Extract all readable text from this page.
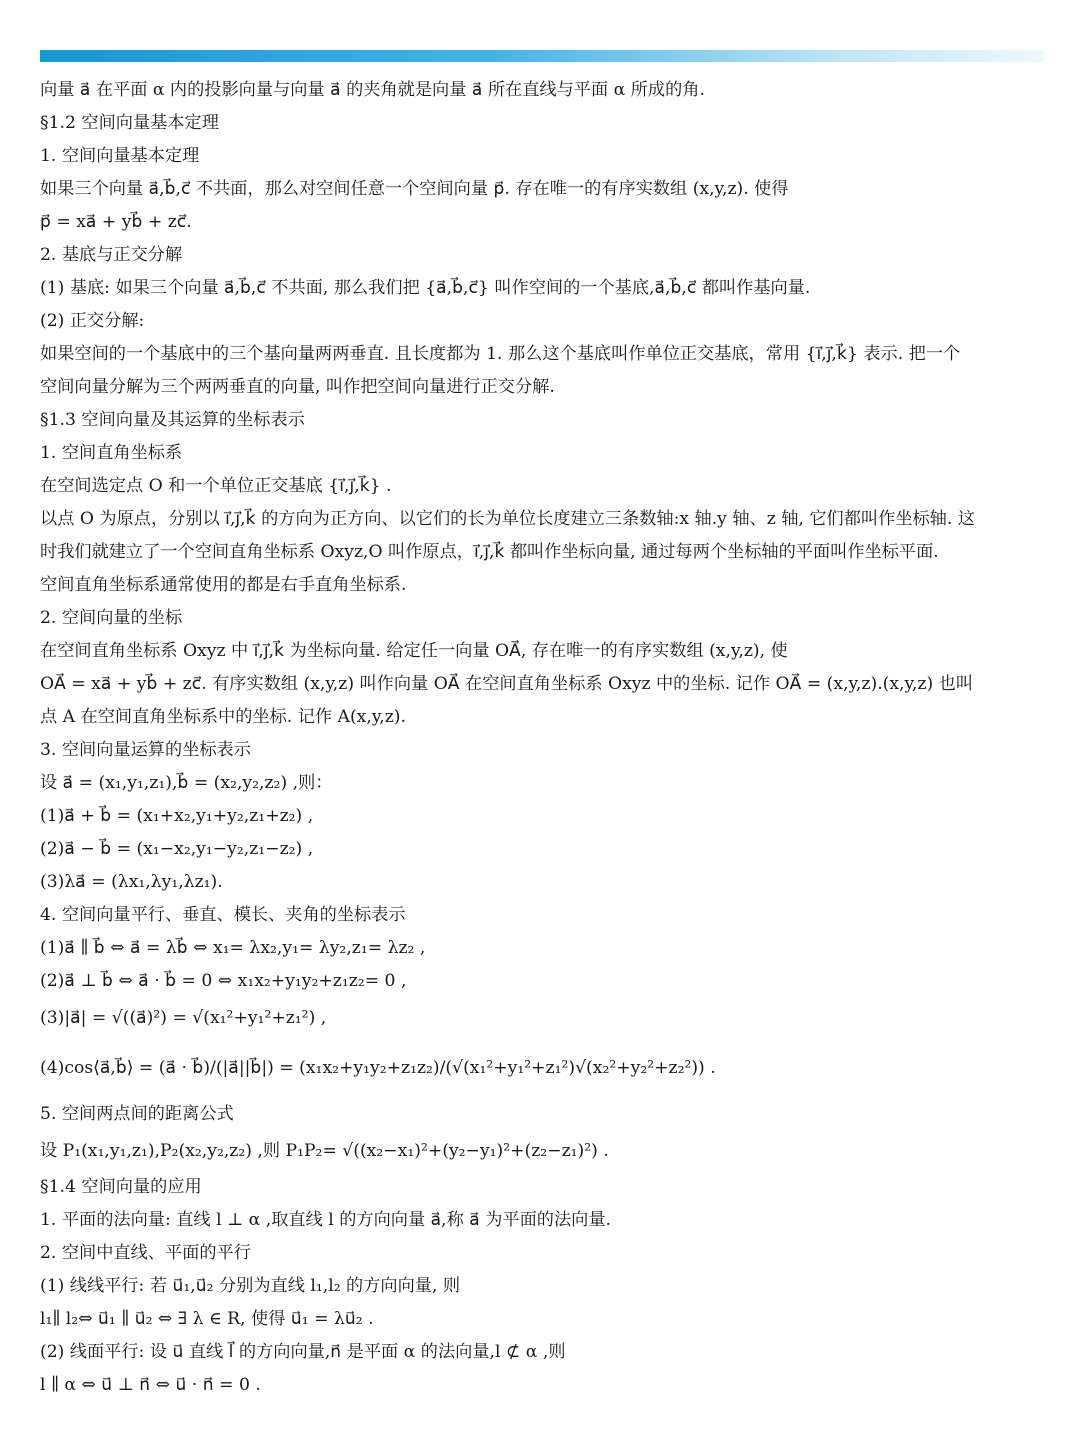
向量 a⃗ 在平面 α 内的投影向量与向量 a⃗ 的夹角就是向量 a⃗ 所在直线与平面 α 所成的角.
§1.2 空间向量基本定理
1. 空间向量基本定理
如果三个向量 a⃗,b⃗,c⃗ 不共面，那么对空间任意一个空间向量 p⃗. 存在唯一的有序实数组 (x,y,z). 使得
p⃗ = xa⃗ + yb⃗ + zc⃗.
2. 基底与正交分解
(1) 基底: 如果三个向量 a⃗,b⃗,c⃗ 不共面, 那么我们把 {a⃗,b⃗,c⃗} 叫作空间的一个基底,a⃗,b⃗,c⃗ 都叫作基向量.
(2) 正交分解:
如果空间的一个基底中的三个基向量两两垂直. 且长度都为 1. 那么这个基底叫作单位正交基底，常用 {i⃗,j⃗,k⃗} 表示. 把一个
空间向量分解为三个两两垂直的向量, 叫作把空间向量进行正交分解.
§1.3 空间向量及其运算的坐标表示
1. 空间直角坐标系
在空间选定点 O 和一个单位正交基底 {i⃗,j⃗,k⃗} .
以点 O 为原点，分别以 i⃗,j⃗,k⃗ 的方向为正方向、以它们的长为单位长度建立三条数轴:x 轴.y 轴、z 轴, 它们都叫作坐标轴. 这
时我们就建立了一个空间直角坐标系 Oxyz,O 叫作原点，i⃗,j⃗,k⃗ 都叫作坐标向量, 通过每两个坐标轴的平面叫作坐标平面.
空间直角坐标系通常使用的都是右手直角坐标系.
2. 空间向量的坐标
在空间直角坐标系 Oxyz 中 i⃗,j⃗,k⃗ 为坐标向量. 给定任一向量 OA⃗, 存在唯一的有序实数组 (x,y,z), 使
OA⃗ = xa⃗ + yb⃗ + zc⃗. 有序实数组 (x,y,z) 叫作向量 OA⃗ 在空间直角坐标系 Oxyz 中的坐标. 记作 OA⃗ = (x,y,z).(x,y,z) 也叫
点 A 在空间直角坐标系中的坐标. 记作 A(x,y,z).
3. 空间向量运算的坐标表示
设 a⃗ = (x₁,y₁,z₁),b⃗ = (x₂,y₂,z₂) ,则：
(1)a⃗ + b⃗ = (x₁+x₂,y₁+y₂,z₁+z₂) ,
(2)a⃗ − b⃗ = (x₁−x₂,y₁−y₂,z₁−z₂) ,
(3)λa⃗ = (λx₁,λy₁,λz₁).
4. 空间向量平行、垂直、模长、夹角的坐标表示
(1)a⃗ ∥ b⃗ ⇔ a⃗ = λb⃗ ⇔ x₁= λx₂,y₁= λy₂,z₁= λz₂ ,
(2)a⃗ ⊥ b⃗ ⇔ a⃗ · b⃗ = 0 ⇔ x₁x₂+y₁y₂+z₁z₂= 0 ,
(3)|a⃗| = √((a⃗)²) = √(x₁²+y₁²+z₁²) ,
(4)cos⟨a⃗,b⃗⟩ = (a⃗ · b⃗)/(|a⃗||b⃗|) = (x₁x₂+y₁y₂+z₁z₂)/(√(x₁²+y₁²+z₁²)√(x₂²+y₂²+z₂²)) .
5. 空间两点间的距离公式
设 P₁(x₁,y₁,z₁),P₂(x₂,y₂,z₂) ,则 P₁P₂= √((x₂−x₁)²+(y₂−y₁)²+(z₂−z₁)²) .
§1.4 空间向量的应用
1. 平面的法向量: 直线 l ⊥ α ,取直线 l 的方向向量 a⃗,称 a⃗ 为平面的法向量.
2. 空间中直线、平面的平行
(1) 线线平行: 若 u⃗₁,u⃗₂ 分别为直线 l₁,l₂ 的方向向量, 则
l₁∥ l₂⇔ u⃗₁ ∥ u⃗₂ ⇔ ∃ λ ∈ R, 使得 u⃗₁ = λu⃗₂ .
(2) 线面平行: 设 u⃗ 直线 l⃗ 的方向向量,n⃗ 是平面 α 的法向量,l ⊄ α ,则
l ∥ α ⇔ u⃗ ⊥ n⃗ ⇔ u⃗ · n⃗ = 0 .
